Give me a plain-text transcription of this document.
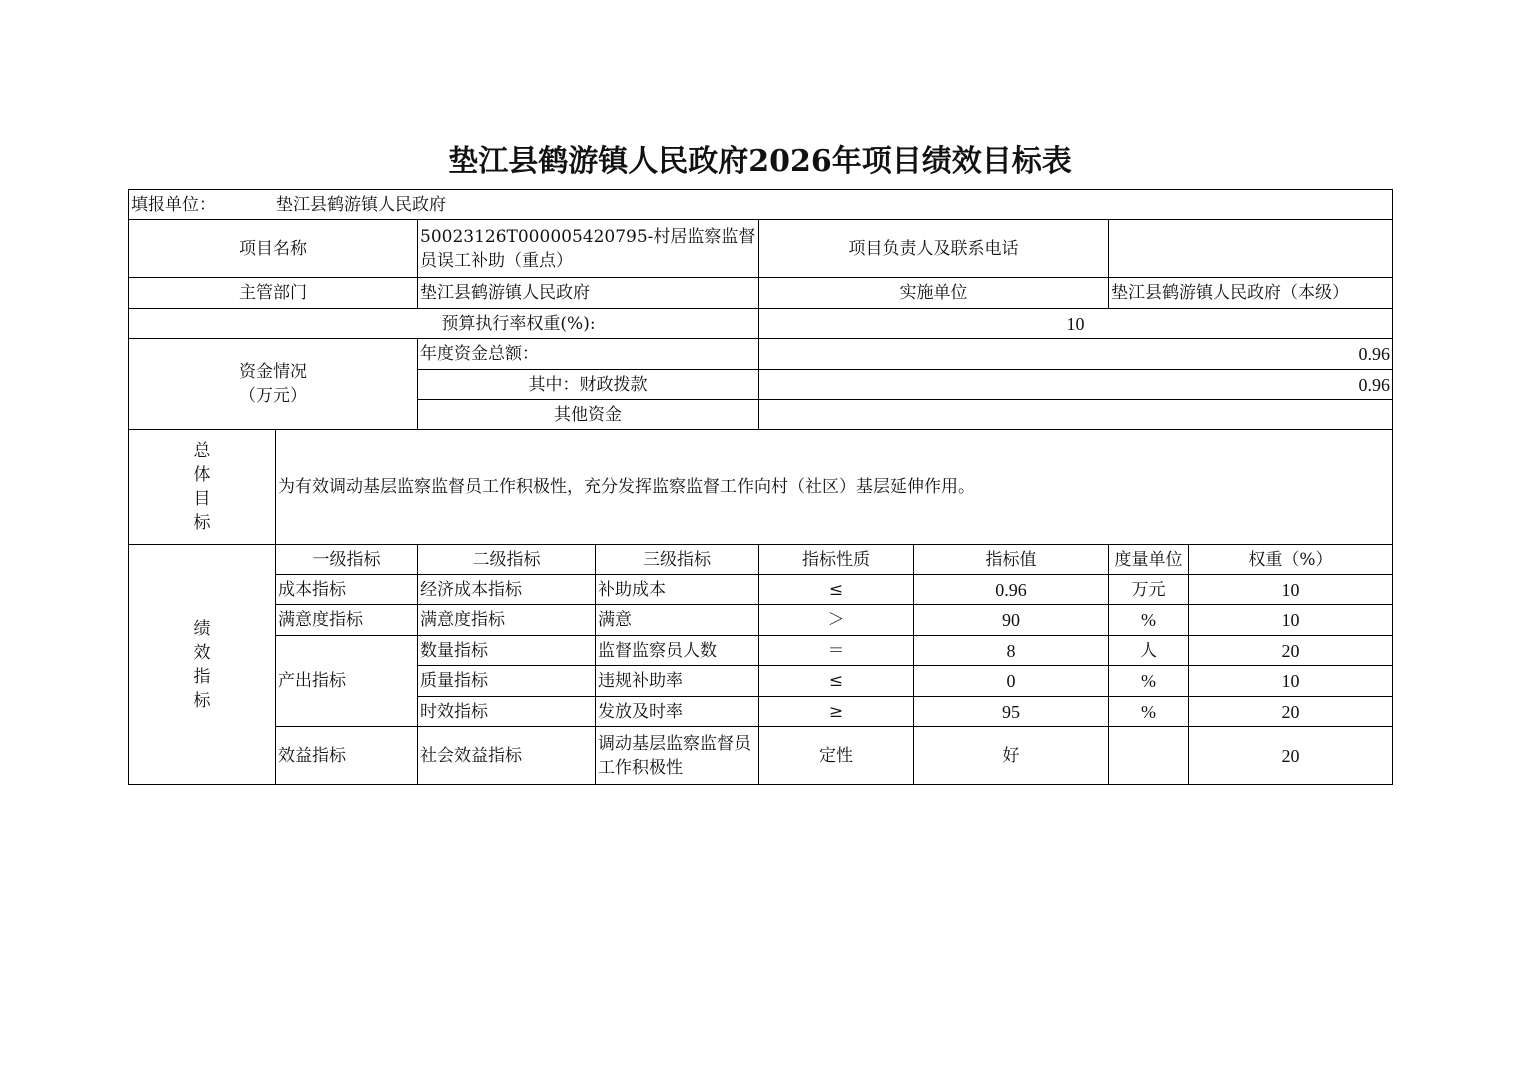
垫江县鹤游镇人民政府2026年项目绩效目标表
填报单位： 垫江县鹤游镇人民政府							
项目名称		50023126T000005420795-村居监察监督员误工补助（重点）		项目负责人及联系电话			
主管部门		垫江县鹤游镇人民政府		实施单位		垫江县鹤游镇人民政府（本级）	
预算执行率权重(%):				10			

资金情况
（万元）		年度资金总额：		0.96			
		其中：财政拨款		0.96			
		其他资金					

总
体
目
标	为有效调动基层监察监督员工作积极性，充分发挥监察监督工作向村（社区）基层延伸作用。						

绩
效
指
标	一级指标	二级指标	三级指标	指标性质	指标值	度量单位	权重（%）
	成本指标	经济成本指标	补助成本	≤	0.96	万元	10
	满意度指标	满意度指标	满意	＞	90	%	10
	产出指标	数量指标	监督监察员人数	＝	8	人	20
		质量指标	违规补助率	≤	0	%	10
		时效指标	发放及时率	≥	95	%	20
	效益指标	社会效益指标	调动基层监察监督员工作积极性	定性	好		20
